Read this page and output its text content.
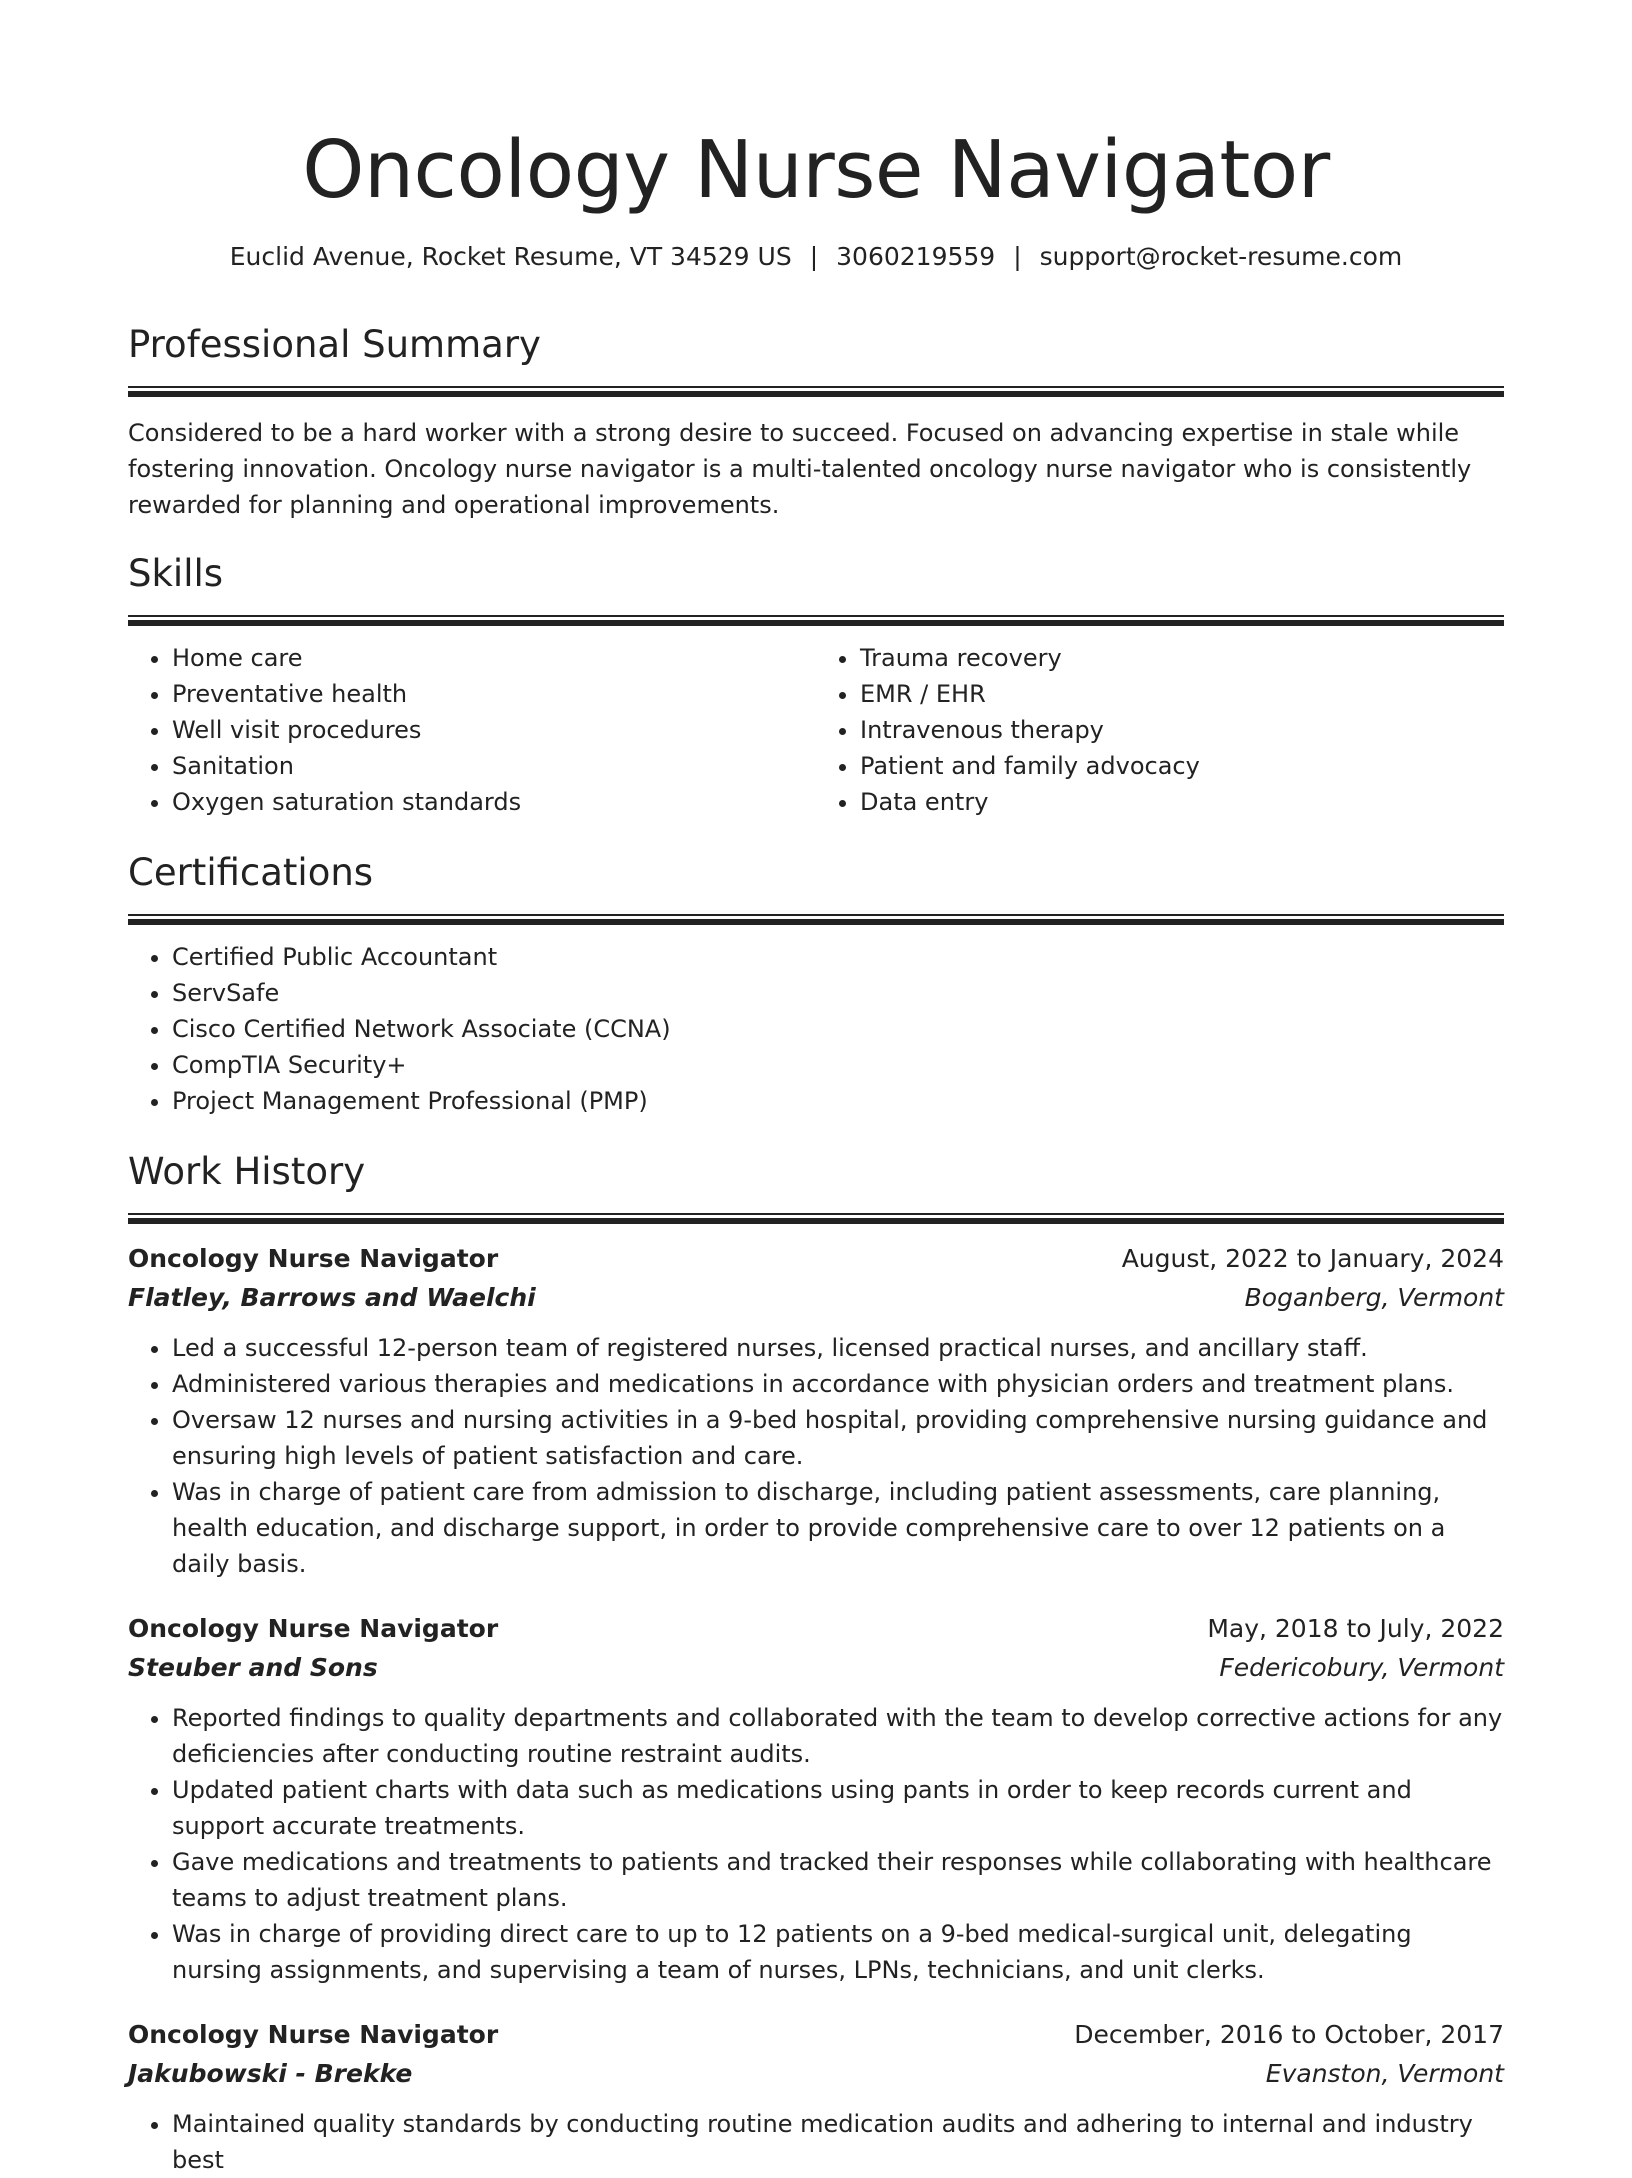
Oncology Nurse Navigator
Euclid Avenue, Rocket Resume, VT 34529 US | 3060219559 | support@rocket-resume.com
Professional Summary

Considered to be a hard worker with a strong desire to succeed. Focused on advancing expertise in stale while fostering innovation. Oncology nurse navigator is a multi-talented oncology nurse navigator who is consistently rewarded for planning and operational improvements.

Skills
• Home care
• Preventative health
• Well visit procedures
• Sanitation
• Oxygen saturation standards
• Trauma recovery
• EMR / EHR
• Intravenous therapy
• Patient and family advocacy
• Data entry
Certifications
• Certified Public Accountant
• ServSafe
• Cisco Certified Network Associate (CCNA)
• CompTIA Security+
• Project Management Professional (PMP)
Work History
Oncology Nurse Navigator	August, 2022 to January, 2024
Flatley, Barrows and Waelchi	Boganberg, Vermont
• Led a successful 12-person team of registered nurses, licensed practical nurses, and ancillary staff.
• Administered various therapies and medications in accordance with physician orders and treatment plans.
• Oversaw 12 nurses and nursing activities in a 9-bed hospital, providing comprehensive nursing guidance and ensuring high levels of patient satisfaction and care.
• Was in charge of patient care from admission to discharge, including patient assessments, care planning, health education, and discharge support, in order to provide comprehensive care to over 12 patients on a daily basis.
Oncology Nurse Navigator	May, 2018 to July, 2022
Steuber and Sons	Federicobury, Vermont
• Reported findings to quality departments and collaborated with the team to develop corrective actions for any deficiencies after conducting routine restraint audits.
• Updated patient charts with data such as medications using pants in order to keep records current and support accurate treatments.
• Gave medications and treatments to patients and tracked their responses while collaborating with healthcare teams to adjust treatment plans.
• Was in charge of providing direct care to up to 12 patients on a 9-bed medical-surgical unit, delegating nursing assignments, and supervising a team of nurses, LPNs, technicians, and unit clerks.
Oncology Nurse Navigator	December, 2016 to October, 2017
Jakubowski - Brekke	Evanston, Vermont
• Maintained quality standards by conducting routine medication audits and adhering to internal and industry best
